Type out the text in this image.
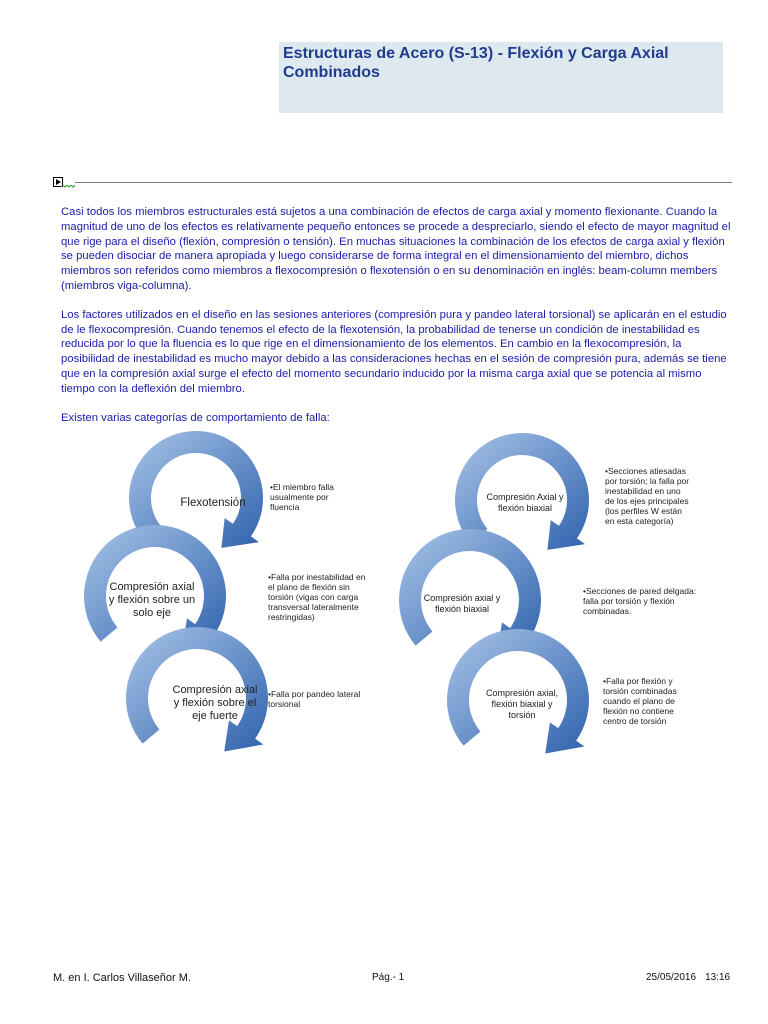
Estructuras de Acero (S-13) - Flexión y Carga Axial
Combinados

Casi todos los miembros estructurales está sujetos a una combinación de efectos de carga axial y momento flexionante. Cuando la magnitud de uno de los efectos es relativamente pequeño entonces se procede a despreciarlo, siendo el efecto de mayor magnitud el que rige para el diseño (flexión, compresión o tensión). En muchas situaciones la combinación de los efectos de carga axial y flexión se pueden disociar de manera apropiada y luego considerarse de forma integral en el dimensionamiento del miembro, dichos miembros son referidos como miembros a flexocompresión o flexotensión o en su denominación en inglés: beam-column members (miembros viga-columna).

Los factores utilizados en el diseño en las sesiones anteriores (compresión pura y pandeo lateral torsional) se aplicarán en el estudio de le flexocompresión. Cuando tenemos el efecto de la flexotensión, la probabilidad de tenerse un condición de inestabilidad es reducida por lo que la fluencia es lo que rige en el dimensionamiento de los elementos. En cambio en la flexocompresión, la posibilidad de inestabilidad es mucho mayor debido a las consideraciones hechas en el sesión de compresión pura, además se tiene que en la compresión axial surge el efecto del momento secundario inducido por la misma carga axial que se potencia al mismo tiempo con la deflexión del miembro.

Existen varias categorías de comportamiento de falla:

Flexotensión
Compresión axial y flexión sobre un solo eje
Compresión axial y flexión sobre el eje fuerte
•El miembro falla usualmente por fluencia
•Falla por inestabilidad en el plano de flexión sin torsión (vigas con carga transversal lateralmente restringidas)
•Falla por pandeo lateral torsional
Compresión Axial y flexión biaxial
Compresión axial y flexión biaxial
Compresión axial, flexión biaxial y torsión
•Secciones atiesadas por torsión; la falla por inestabilidad en uno de los ejes principales (los perfiles W están en esta categoría)
•Secciones de pared delgada: falla por torsión y flexión combinadas.
•Falla por flexión y torsión combinadas cuando el plano de flexión no contiene centro de torsión
M. en I. Carlos Villaseñor M.	Pág.- 1	25/05/2016 13:16
